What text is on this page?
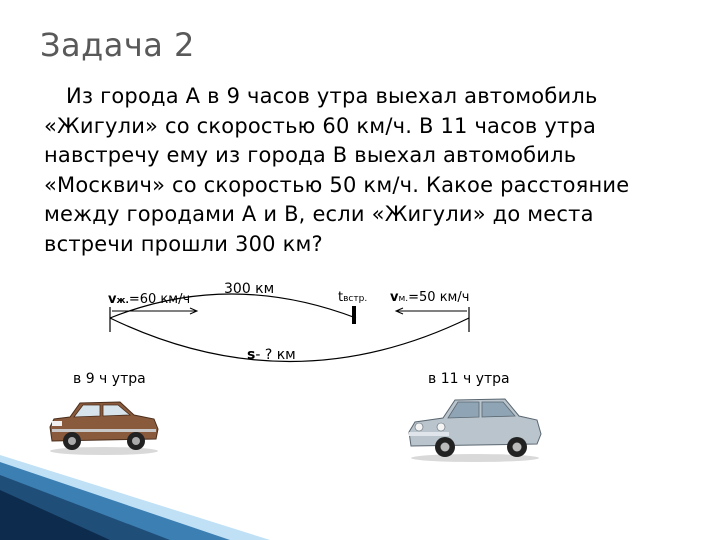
Задача 2

Из города А в 9 часов утра выехал автомобиль

«Жигули» со скоростью 60 км/ч. В 11 часов утра

навстречу ему из города В выехал автомобиль

«Москвич» со скоростью 50 км/ч. Какое расстояние

между городами А и В, если «Жигули» до места

встречи прошли 300 км?

300 км
vж.=60 км/ч	tвстр. vм.=50 км/ч
s- ? км
в 9 ч утра	в 11 ч утра
